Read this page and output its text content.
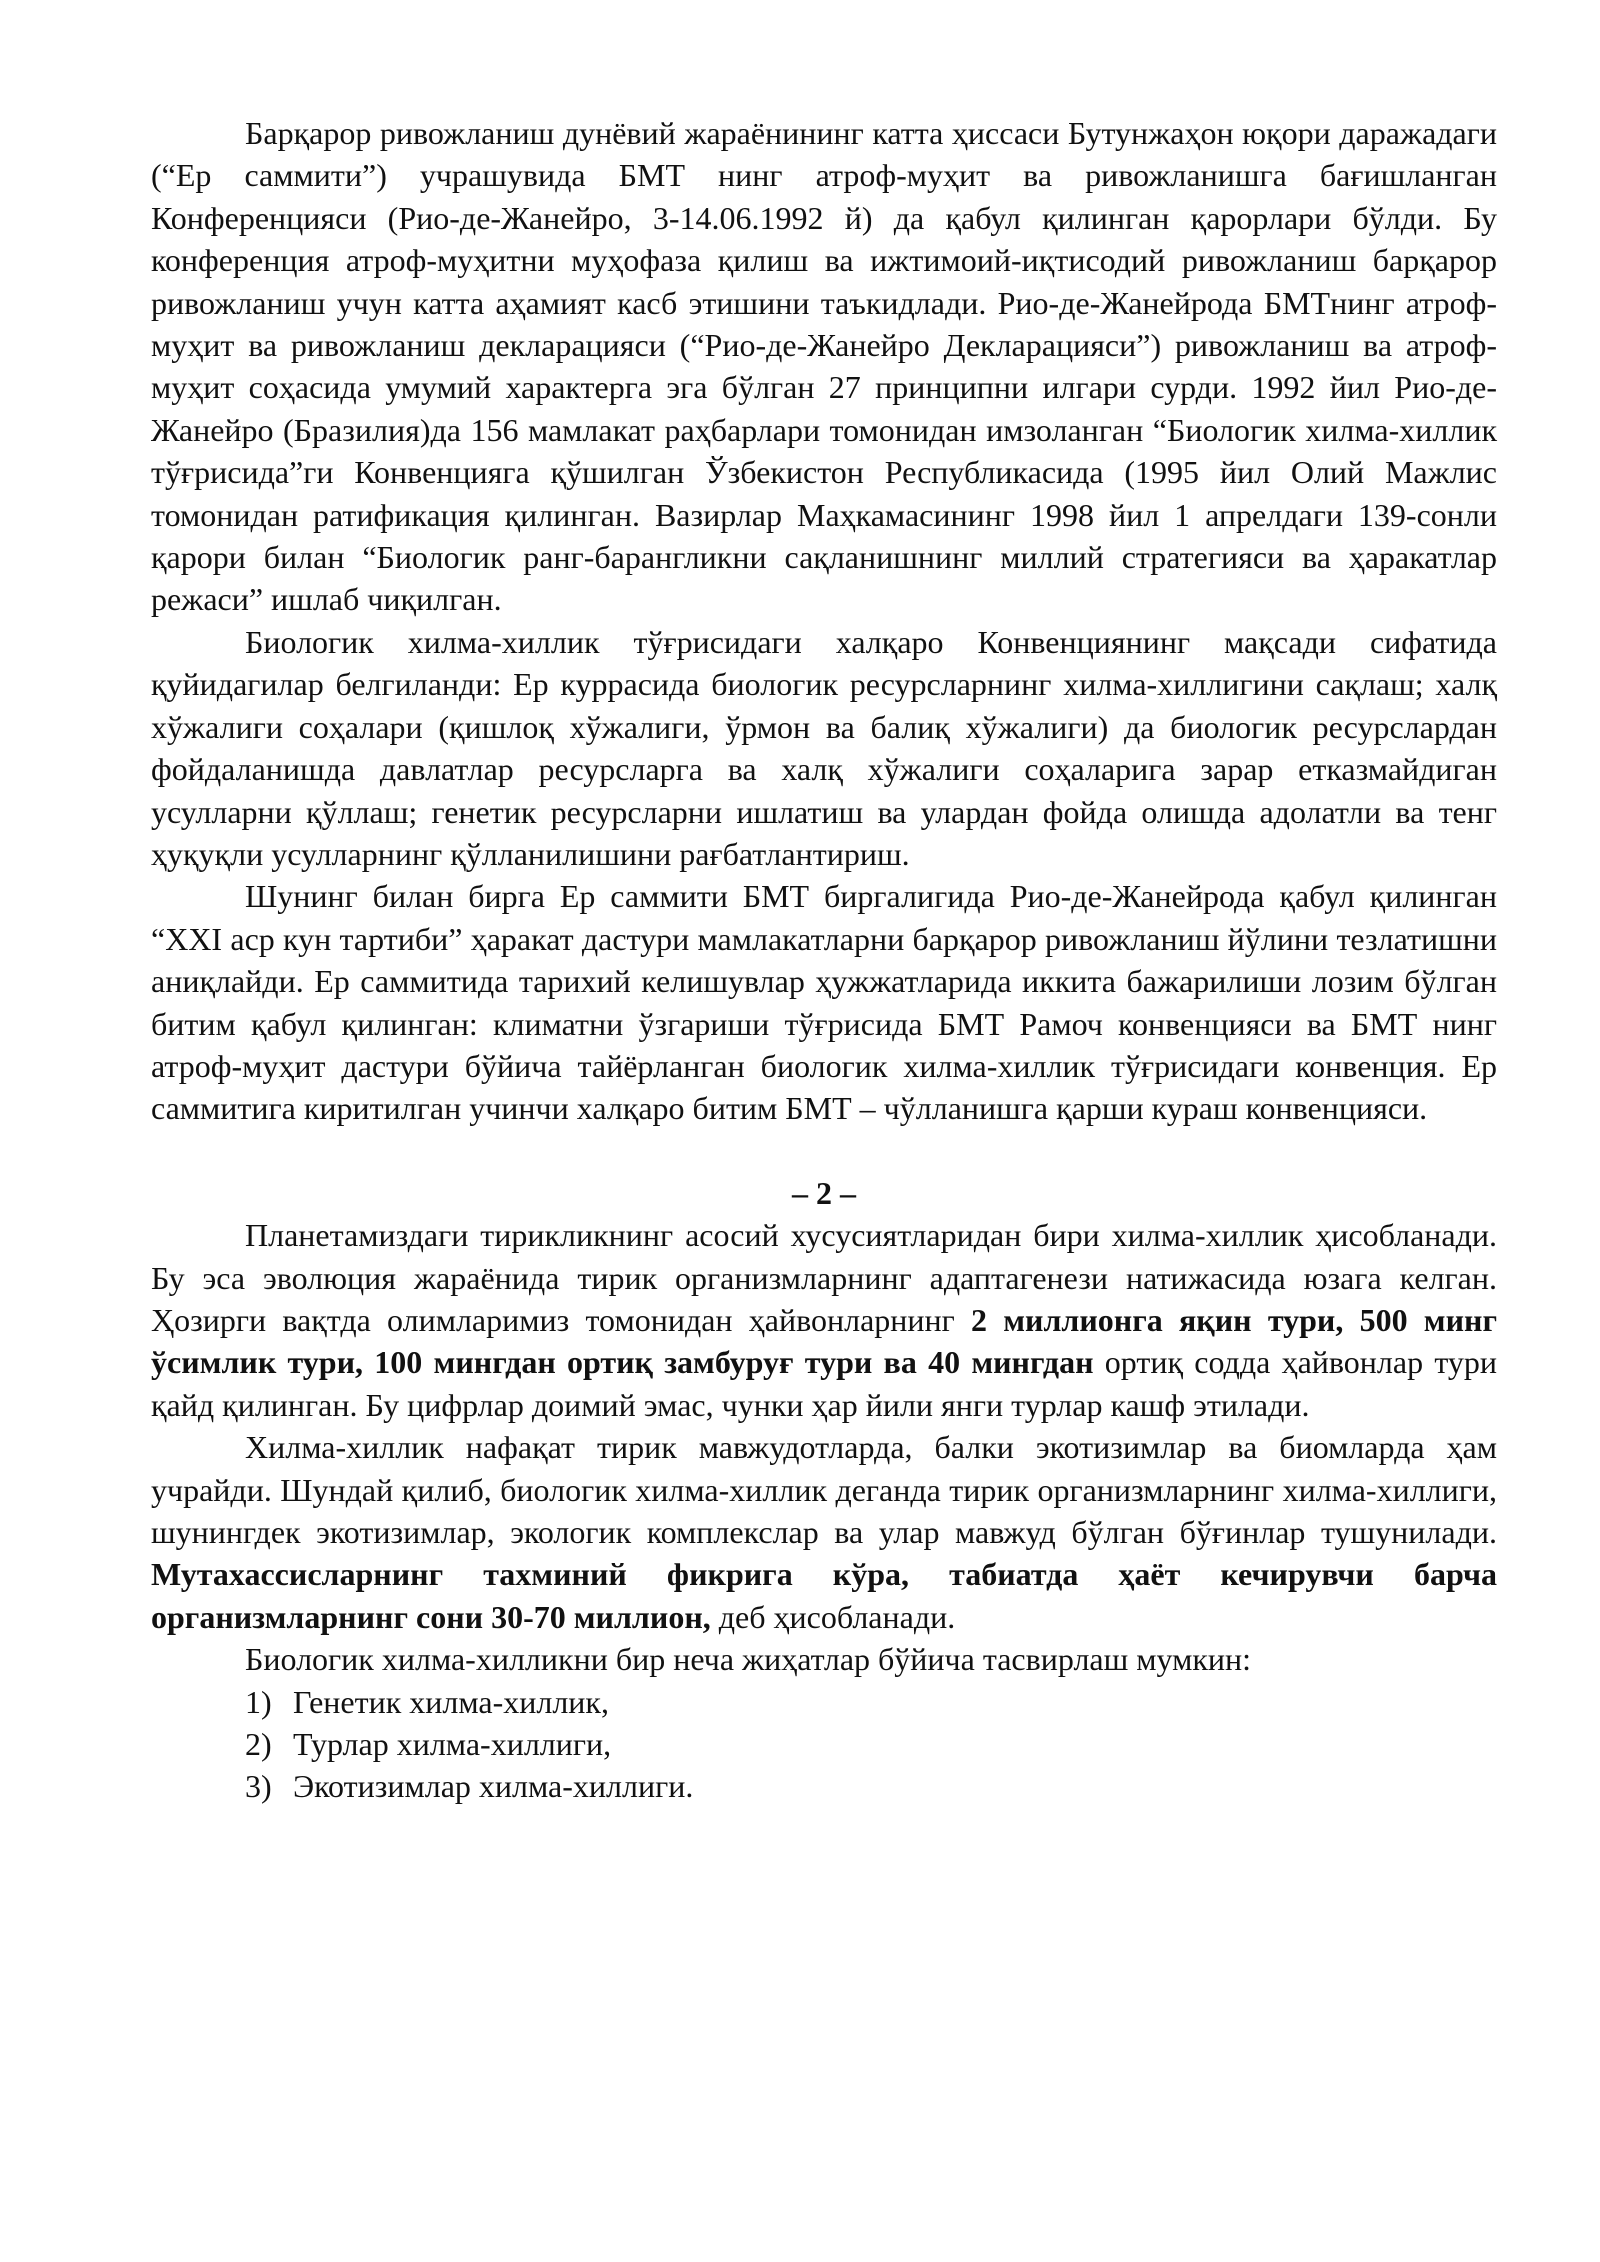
Барқарор ривожланиш дунёвий жараёнининг катта ҳиссаси Бутунжаҳон юқори даражадаги (“Ер саммити”) учрашувида БМТ нинг атроф-муҳит ва ривожланишга бағишланган Конференцияси (Рио-де-Жанейро, 3-14.06.1992 й) да қабул қилинган қарорлари бўлди. Бу конференция атроф-муҳитни муҳофаза қилиш ва ижтимоий-иқтисодий ривожланиш барқарор ривожланиш учун катта аҳамият касб этишини таъкидлади. Рио-де-Жанейрода БМТнинг атроф-муҳит ва ривожланиш декларацияси (“Рио-де-Жанейро Декларацияси”) ривожланиш ва атроф-муҳит соҳасида умумий характерга эга бўлган 27 принципни илгари сурди. 1992 йил Рио-де-Жанейро (Бразилия)да 156 мамлакат раҳбарлари томонидан имзоланган “Биологик хилма-хиллик тўғрисида”ги Конвенцияга қўшилган Ўзбекистон Республикасида (1995 йил Олий Мажлис томонидан ратификация қилинган. Вазирлар Маҳкамасининг 1998 йил 1 апрелдаги 139-сонли қарори билан “Биологик ранг-барангликни сақланишнинг миллий стратегияси ва ҳаракатлар режаси” ишлаб чиқилган.

Биологик хилма-хиллик тўғрисидаги халқаро Конвенциянинг мақсади сифатида қуйидагилар белгиланди: Ер куррасида биологик ресурсларнинг хилма-хиллигини сақлаш; халқ хўжалиги соҳалари (қишлоқ хўжалиги, ўрмон ва балиқ хўжалиги) да биологик ресурслардан фойдаланишда давлатлар ресурсларга ва халқ хўжалиги соҳаларига зарар етказмайдиган усулларни қўллаш; генетик ресурсларни ишлатиш ва улардан фойда олишда адолатли ва тенг ҳуқуқли усулларнинг қўлланилишини рағбатлантириш.

Шунинг билан бирга Ер саммити БМТ биргалигида Рио-де-Жанейрода қабул қилинган “XXI аср кун тартиби” ҳаракат дастури мамлакатларни барқарор ривожланиш йўлини тезлатишни аниқлайди. Ер саммитида тарихий келишувлар ҳужжатларида иккита бажарилиши лозим бўлган битим қабул қилинган: климатни ўзгариши тўғрисида БМТ Рамоч конвенцияси ва БМТ нинг атроф-муҳит дастури бўйича тайёрланган биологик хилма-хиллик тўғрисидаги конвенция. Ер саммитига киритилган учинчи халқаро битим БМТ – чўлланишга қарши кураш конвенцияси.

– 2 –

Планетамиздаги тирикликнинг асосий хусусиятларидан бири хилма-хиллик ҳисобланади. Бу эса эволюция жараёнида тирик организмларнинг адаптагенези натижасида юзага келган. Ҳозирги вақтда олимларимиз томонидан ҳайвонларнинг 2 миллионга яқин тури, 500 минг ўсимлик тури, 100 мингдан ортиқ замбуруғ тури ва 40 мингдан ортиқ содда ҳайвонлар тури қайд қилинган. Бу цифрлар доимий эмас, чунки ҳар йили янги турлар кашф этилади.

Хилма-хиллик нафақат тирик мавжудотларда, балки экотизимлар ва биомларда ҳам учрайди. Шундай қилиб, биологик хилма-хиллик деганда тирик организмларнинг хилма-хиллиги, шунингдек экотизимлар, экологик комплекслар ва улар мавжуд бўлган бўғинлар тушунилади. Мутахассисларнинг тахминий фикрига кўра, табиатда ҳаёт кечирувчи барча организмларнинг сони 30-70 миллион, деб ҳисобланади.

Биологик хилма-хилликни бир неча жиҳатлар бўйича тасвирлаш мумкин:

1) Генетик хилма-хиллик,
2) Турлар хилма-хиллиги,
3) Экотизимлар хилма-хиллиги.
